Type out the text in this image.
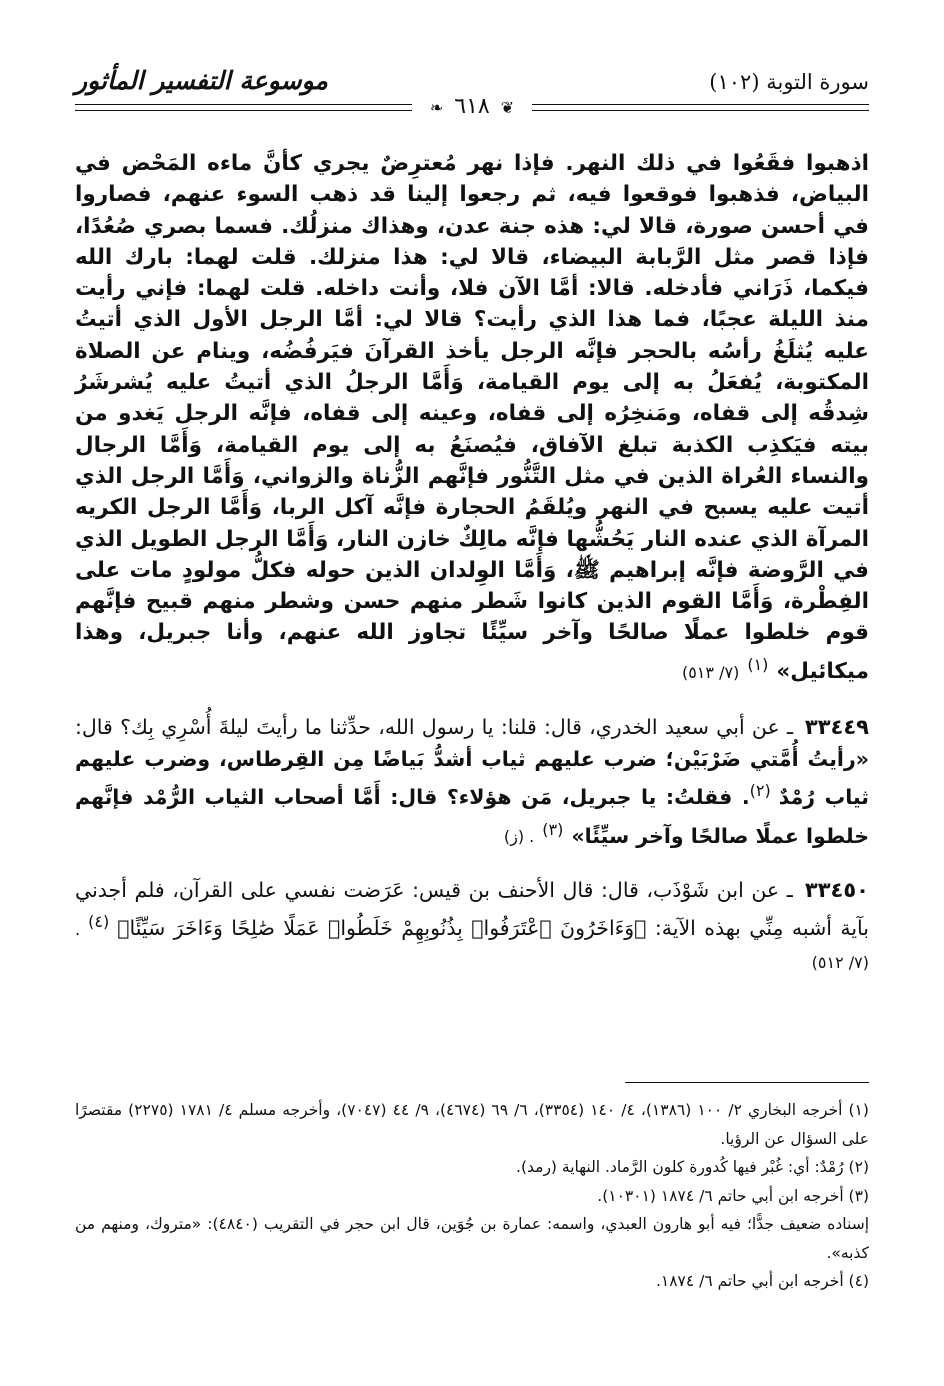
موسوعة التفسير المأثور	سورة التوبة (١٠٢)
❦ ٦١٨ ❧

اذهبوا فقَعُوا في ذلك النهر. فإذا نهر مُعترِضٌ يجري كأنَّ ماءه المَحْض في البياض، فذهبوا فوقعوا فيه، ثم رجعوا إلينا قد ذهب السوء عنهم، فصاروا في أحسن صورة، قالا لي: هذه جنة عدن، وهذاك منزلُك. فسما بصري صُعُدًا، فإذا قصر مثل الرَّبابة البيضاء، قالا لي: هذا منزلك. قلت لهما: بارك الله فيكما، ذَرَاني فأدخله. قالا: أمَّا الآن فلا، وأنت داخله. قلت لهما: فإني رأيت منذ الليلة عجبًا، فما هذا الذي رأيت؟ قالا لي: أمَّا الرجل الأول الذي أتيتُ عليه يُثلَغُ رأسُه بالحجر فإنَّه الرجل يأخذ القرآنَ فيَرفُضُه، وينام عن الصلاة المكتوبة، يُفعَلُ به إلى يوم القيامة، وَأَمَّا الرجلُ الذي أتيتُ عليه يُشرشَرُ شِدقُه إلى قفاه، ومَنخِرُه إلى قفاه، وعينه إلى قفاه، فإنَّه الرجل يَغدو من بيته فيَكذِب الكذبة تبلغ الآفاق، فيُصنَعُ به إلى يوم القيامة، وَأَمَّا الرجال والنساء العُراة الذين في مثل التَّنُّور فإنَّهم الزُّناة والزواني، وَأَمَّا الرجل الذي أتيت عليه يسبح في النهر ويُلقَمُ الحجارة فإنَّه آكل الربا، وَأَمَّا الرجل الكريه المرآة الذي عنده النار يَحُشُّها فإنَّه مالِكٌ خازن النار، وَأَمَّا الرجل الطويل الذي في الرَّوضة فإنَّه إبراهيم ﷺ، وَأَمَّا الوِلدان الذين حوله فكلُّ مولودٍ مات على الفِطْرة، وَأَمَّا القوم الذين كانوا شَطر منهم حسن وشطر منهم قبيح فإنَّهم قوم خلطوا عملًا صالحًا وآخر سيِّئًا تجاوز الله عنهم، وأنا جبريل، وهذا ميكائيل»$^{(١)}$(٧/ ٥١٣)

٣٣٤٤٩ ـ عن أبي سعيد الخدري، قال: قلنا: يا رسول الله، حدِّثنا ما رأيتَ ليلةَ أُسْرِي بِك؟ قال: «رأيتُ أُمَّتي ضَرْبَيْن؛ ضرب عليهم ثياب أشدُّ بَياضًا مِن القِرطاس، وضرب عليهم ثياب رُمْدٌ$^{(٢)}$. فقلتُ: يا جبريل، مَن هؤلاء؟ قال: أَمَّا أصحاب الثياب الرُّمْد فإنَّهم خلطوا عملًا صالحًا وآخر سيِّئًا»$^{(٣)}$. (ز)

٣٣٤٥٠ ـ عن ابن شَوْذَب، قال: قال الأحنف بن قيس: عَرَضت نفسي على القرآن، فلم أجدني بآية أشبه مِنِّي بهذه الآية: ﴿وَءَاخَرُونَ ٱعْتَرَفُوا۟ بِذُنُوبِهِمْ خَلَطُوا۟ عَمَلًا صَٰلِحًا وَءَاخَرَ سَيِّئًا﴾$^{(٤)}$. (٧/ ٥١٢)

(١) أخرجه البخاري ٢/ ١٠٠ (١٣٨٦)، ٤/ ١٤٠ (٣٣٥٤)، ٦/ ٦٩ (٤٦٧٤)، ٩/ ٤٤ (٧٠٤٧)، وأخرجه مسلم ٤/ ١٧٨١ (٢٢٧٥) مقتصرًا على السؤال عن الرؤيا.

(٢) رُمْدٌ: أي: غُبْر فيها كُدورة كلون الرَّماد. النهاية (رمد).

(٣) أخرجه ابن أبي حاتم ٦/ ١٨٧٤ (١٠٣٠١).

إسناده ضعيف جدًّا؛ فيه أبو هارون العبدي، واسمه: عمارة بن جُوَين، قال ابن حجر في التقريب (٤٨٤٠): «متروك، ومنهم من كذبه».

(٤) أخرجه ابن أبي حاتم ٦/ ١٨٧٤.
